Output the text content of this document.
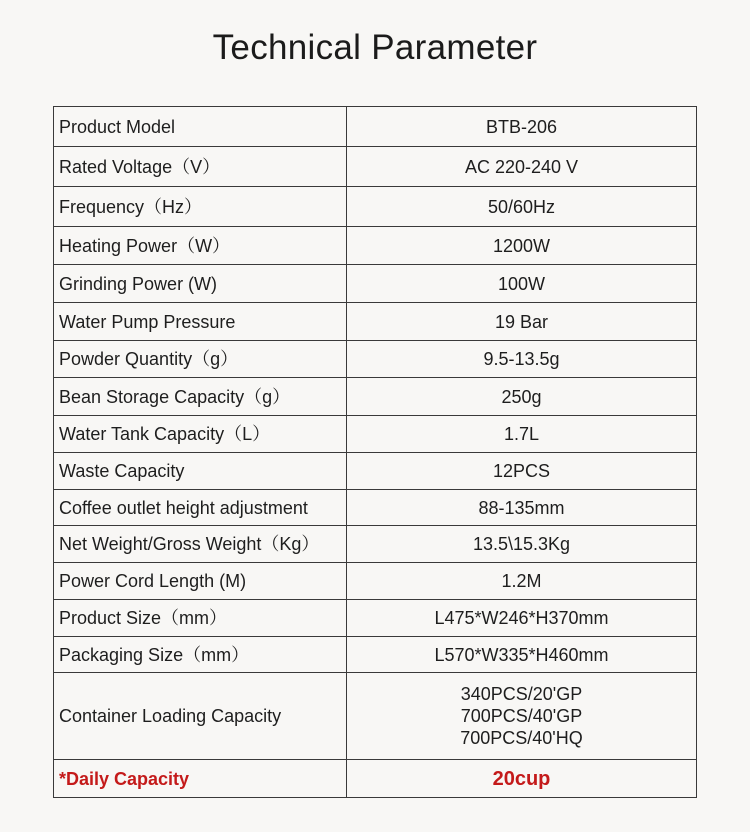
Technical Parameter
Product Model	BTB-206

Rated Voltage（V）	AC 220-240 V

Frequency（Hz）	50/60Hz

Heating Power（W）	1200W

Grinding Power (W)	100W

Water Pump Pressure	19 Bar

Powder Quantity（g）	9.5-13.5g

Bean Storage Capacity（g）	250g

Water Tank Capacity（L）	1.7L

Waste Capacity	12PCS

Coffee outlet height adjustment	88-135mm

Net Weight/Gross Weight（Kg）	13.5\15.3Kg

Power Cord Length (M)	1.2M

Product Size（mm）	L475*W246*H370mm

Packaging Size（mm）	L570*W335*H460mm

Container Loading Capacity	340PCS/20'GP
700PCS/40'GP
700PCS/40'HQ

*Daily Capacity	20cup
